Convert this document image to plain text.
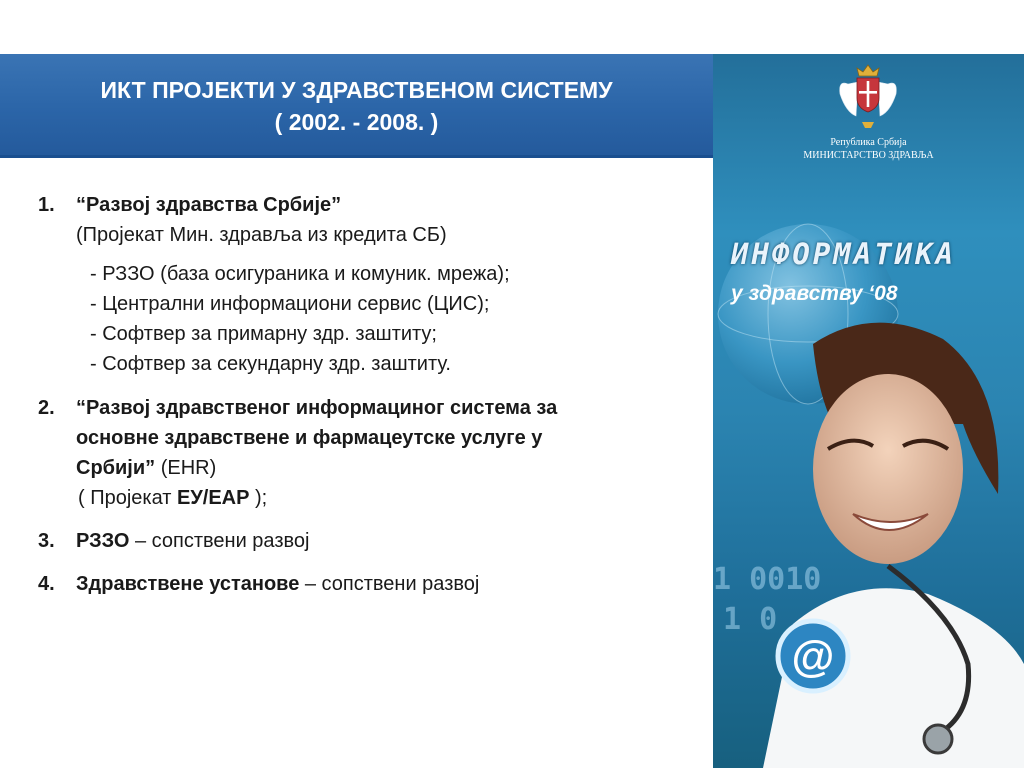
ИКТ ПРОЈЕКТИ У ЗДРАВСТВЕНОМ СИСТЕМУ
( 2002. - 2008. )
1. “Развој здравства Србије”
(Пројекат Мин. здравља из кредита СБ)
- РЗЗО (база осигураника и комуник. мрежа);
- Централни информациони сервис (ЦИС);
- Софтвер за примарну здр. заштиту;
- Софтвер за секундарну здр. заштиту.
2. “Развој здравственог информациног система за
основне здравствене и фармацеутске услуге у
Србији” (EHR)
( Пројекат ЕУ/ЕАР );
3. РЗЗО – сопствени развој
4. Здравствене установе – сопствени развој
Република Србија
МИНИСТАРСТВО ЗДРАВЉА
1 0010
1 0
@
ИНФОРМАТИКА
у здравству ‘08
